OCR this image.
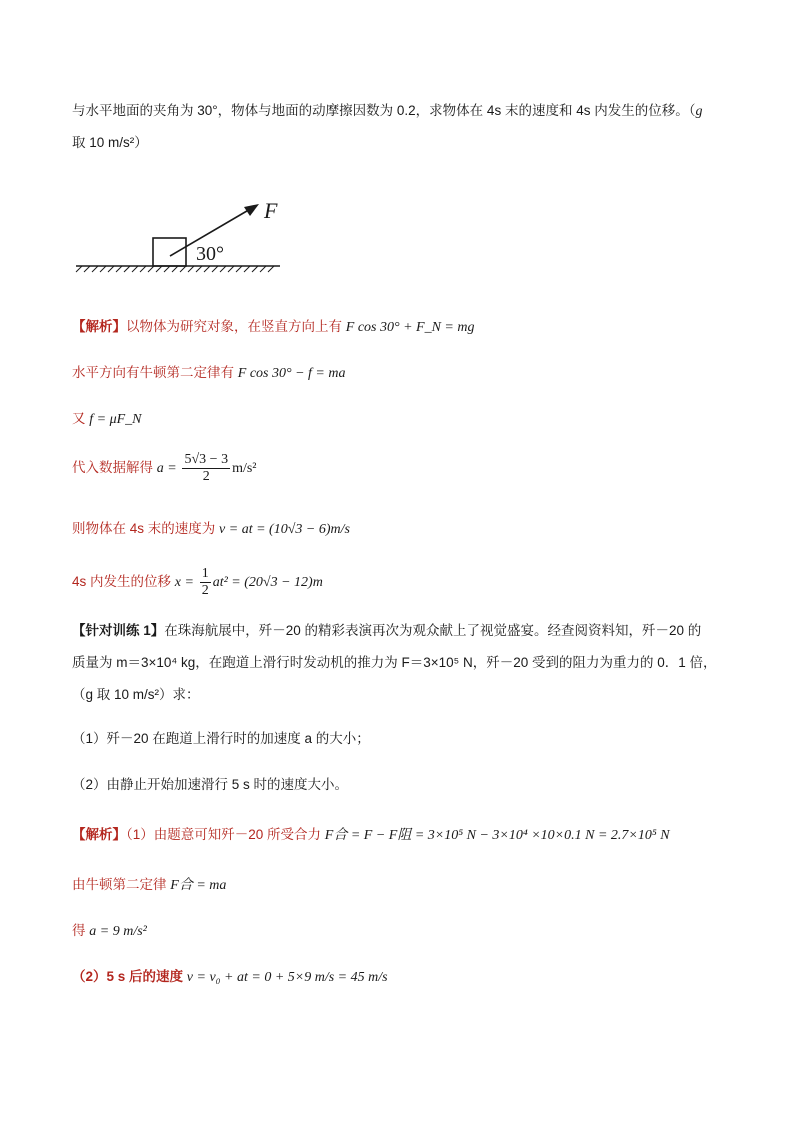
与水平地面的夹角为 30°，物体与地面的动摩擦因数为 0.2，求物体在 4s 末的速度和 4s 内发生的位移。（g
取 10 m/s²）
F
30°
【解析】以物体为研究对象，在竖直方向上有 F cos 30° + F_N = mg
水平方向有牛顿第二定律有 F cos 30° − f = ma
又 f = μF_N
代入数据解得 $a = \frac{5√3 - 3}{2} m/s^2$
则物体在 4s 末的速度为 v = at = (10√3 − 6)m/s
4s 内发生的位移 $x = \frac{1}{2} at^2 = (20√3 - 12)m$
【针对训练 1】在珠海航展中，歼－20 的精彩表演再次为观众献上了视觉盛宴。经查阅资料知，歼－20 的
质量为 m＝3×10⁴ kg，在跑道上滑行时发动机的推力为 F＝3×10⁵ N，歼－20 受到的阻力为重力的 0．1 倍，
（g 取 10 m/s²）求：
（1）歼－20 在跑道上滑行时的加速度 a 的大小；
（2）由静止开始加速滑行 5 s 时的速度大小。
【解析】（1）由题意可知歼－20 所受合力 F合 = F − F阻 = 3×10⁵ N − 3×10⁴ ×10×0.1 N = 2.7×10⁵ N
由牛顿第二定律 F合 = ma
得 a = 9 m/s²
（2）5 s 后的速度 v = v₀ + at = 0 + 5×9 m/s = 45 m/s
